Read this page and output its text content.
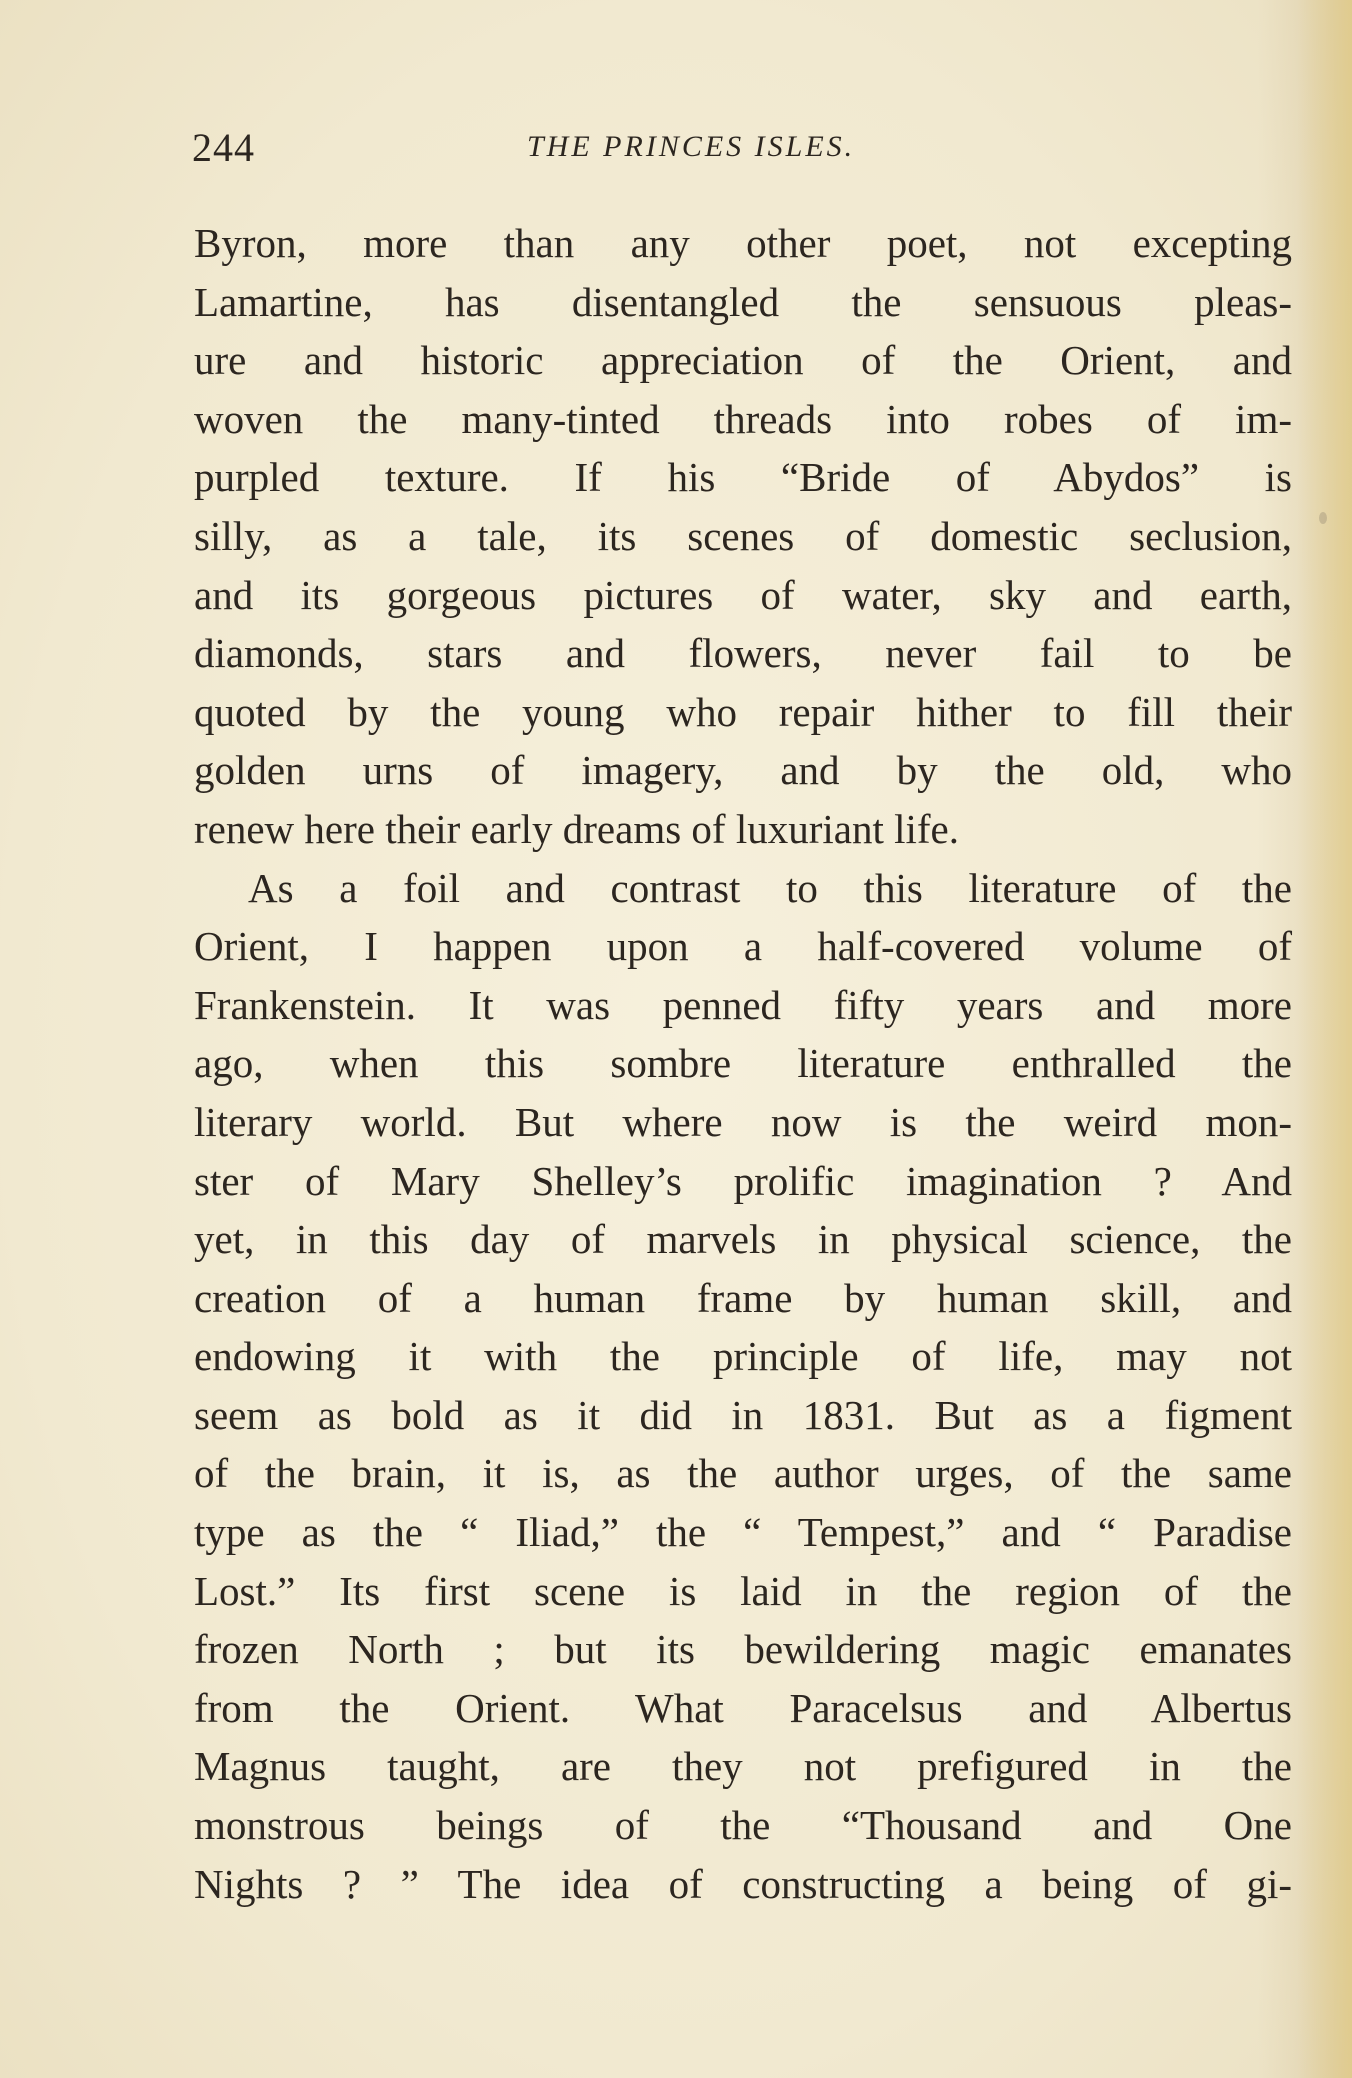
244	THE PRINCES ISLES.
Byron, more than any other poet, not excepting
Lamartine, has disentangled the sensuous pleas-
ure and historic appreciation of the Orient, and
woven the many-tinted threads into robes of im-
purpled texture. If his “Bride of Abydos” is
silly, as a tale, its scenes of domestic seclusion,
and its gorgeous pictures of water, sky and earth,
diamonds, stars and flowers, never fail to be
quoted by the young who repair hither to fill their
golden urns of imagery, and by the old, who
renew here their early dreams of luxuriant life.
As a foil and contrast to this literature of the
Orient, I happen upon a half-covered volume of
Frankenstein. It was penned fifty years and more
ago, when this sombre literature enthralled the
literary world. But where now is the weird mon-
ster of Mary Shelley’s prolific imagination ? And
yet, in this day of marvels in physical science, the
creation of a human frame by human skill, and
endowing it with the principle of life, may not
seem as bold as it did in 1831. But as a figment
of the brain, it is, as the author urges, of the same
type as the “ Iliad,” the “ Tempest,” and “ Paradise
Lost.” Its first scene is laid in the region of the
frozen North ; but its bewildering magic emanates
from the Orient. What Paracelsus and Albertus
Magnus taught, are they not prefigured in the
monstrous beings of the “Thousand and One
Nights ? ” The idea of constructing a being of gi-
